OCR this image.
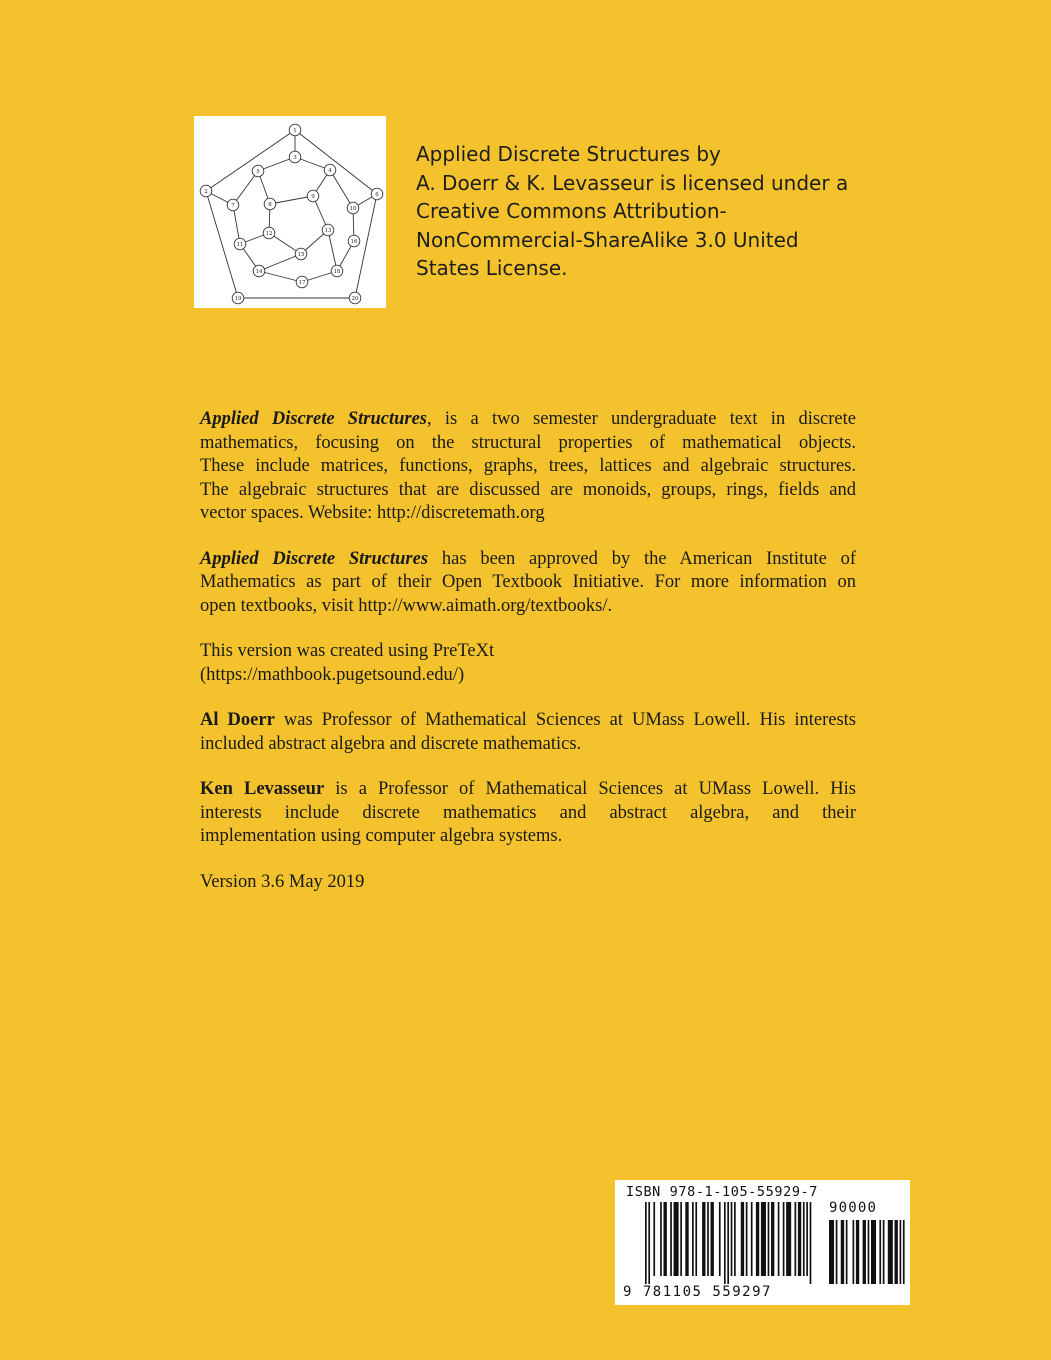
1
2
3
4
5
6
7	8
9
10
11
12	13
14
15
16
17
18
19	20
Applied Discrete Structures by
A. Doerr & K. Levasseur is licensed under a
Creative Commons Attribution-
NonCommercial-ShareAlike 3.0 United
States License.

Applied Discrete Structures, is a two semester undergraduate text in discrete
mathematics, focusing on the structural properties of mathematical objects.
These include matrices, functions, graphs, trees, lattices and algebraic structures.
The algebraic structures that are discussed are monoids, groups, rings, fields and
vector spaces. Website: http://discretemath.org

Applied Discrete Structures has been approved by the American Institute of
Mathematics as part of their Open Textbook Initiative. For more information on
open textbooks, visit http://www.aimath.org/textbooks/.

This version was created using PreTeXt
(https://mathbook.pugetsound.edu/)

Al Doerr was Professor of Mathematical Sciences at UMass Lowell. His interests
included abstract algebra and discrete mathematics.

Ken Levasseur is a Professor of Mathematical Sciences at UMass Lowell. His
interests include discrete mathematics and abstract algebra, and their
implementation using computer algebra systems.

Version 3.6 May 2019

ISBN 978-1-105-55929-7
90000
9 781105 559297
